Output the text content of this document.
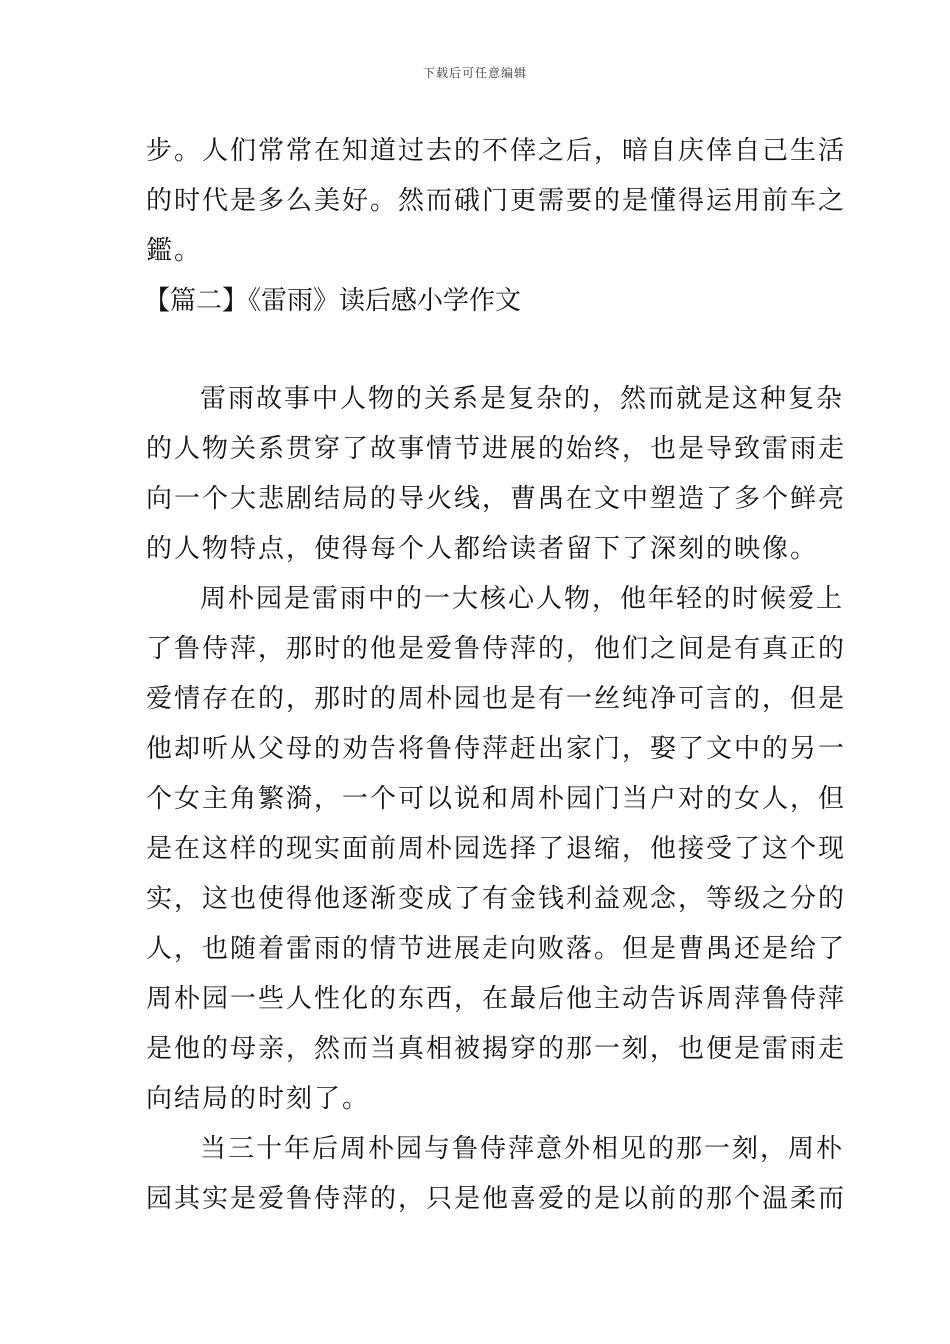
下载后可任意编辑
步。人们常常在知道过去的不倖之后，暗自庆倖自己生活
的时代是多么美好。然而硪门更需要的是懂得运用前车之
鑑。
【篇二】《雷雨》读后感小学作文
雷雨故事中人物的关系是复杂的，然而就是这种复杂
的人物关系贯穿了故事情节进展的始终，也是导致雷雨走
向一个大悲剧结局的导火线，曹禺在文中塑造了多个鲜亮
的人物特点，使得每个人都给读者留下了深刻的映像。
周朴园是雷雨中的一大核心人物，他年轻的时候爱上
了鲁侍萍，那时的他是爱鲁侍萍的，他们之间是有真正的
爱情存在的，那时的周朴园也是有一丝纯净可言的，但是
他却听从父母的劝告将鲁侍萍赶出家门，娶了文中的另一
个女主角繁漪，一个可以说和周朴园门当户对的女人，但
是在这样的现实面前周朴园选择了退缩，他接受了这个现
实，这也使得他逐渐变成了有金钱利益观念，等级之分的
人，也随着雷雨的情节进展走向败落。但是曹禺还是给了
周朴园一些人性化的东西，在最后他主动告诉周萍鲁侍萍
是他的母亲，然而当真相被揭穿的那一刻，也便是雷雨走
向结局的时刻了。
当三十年后周朴园与鲁侍萍意外相见的那一刻，周朴
园其实是爱鲁侍萍的，只是他喜爱的是以前的那个温柔而
